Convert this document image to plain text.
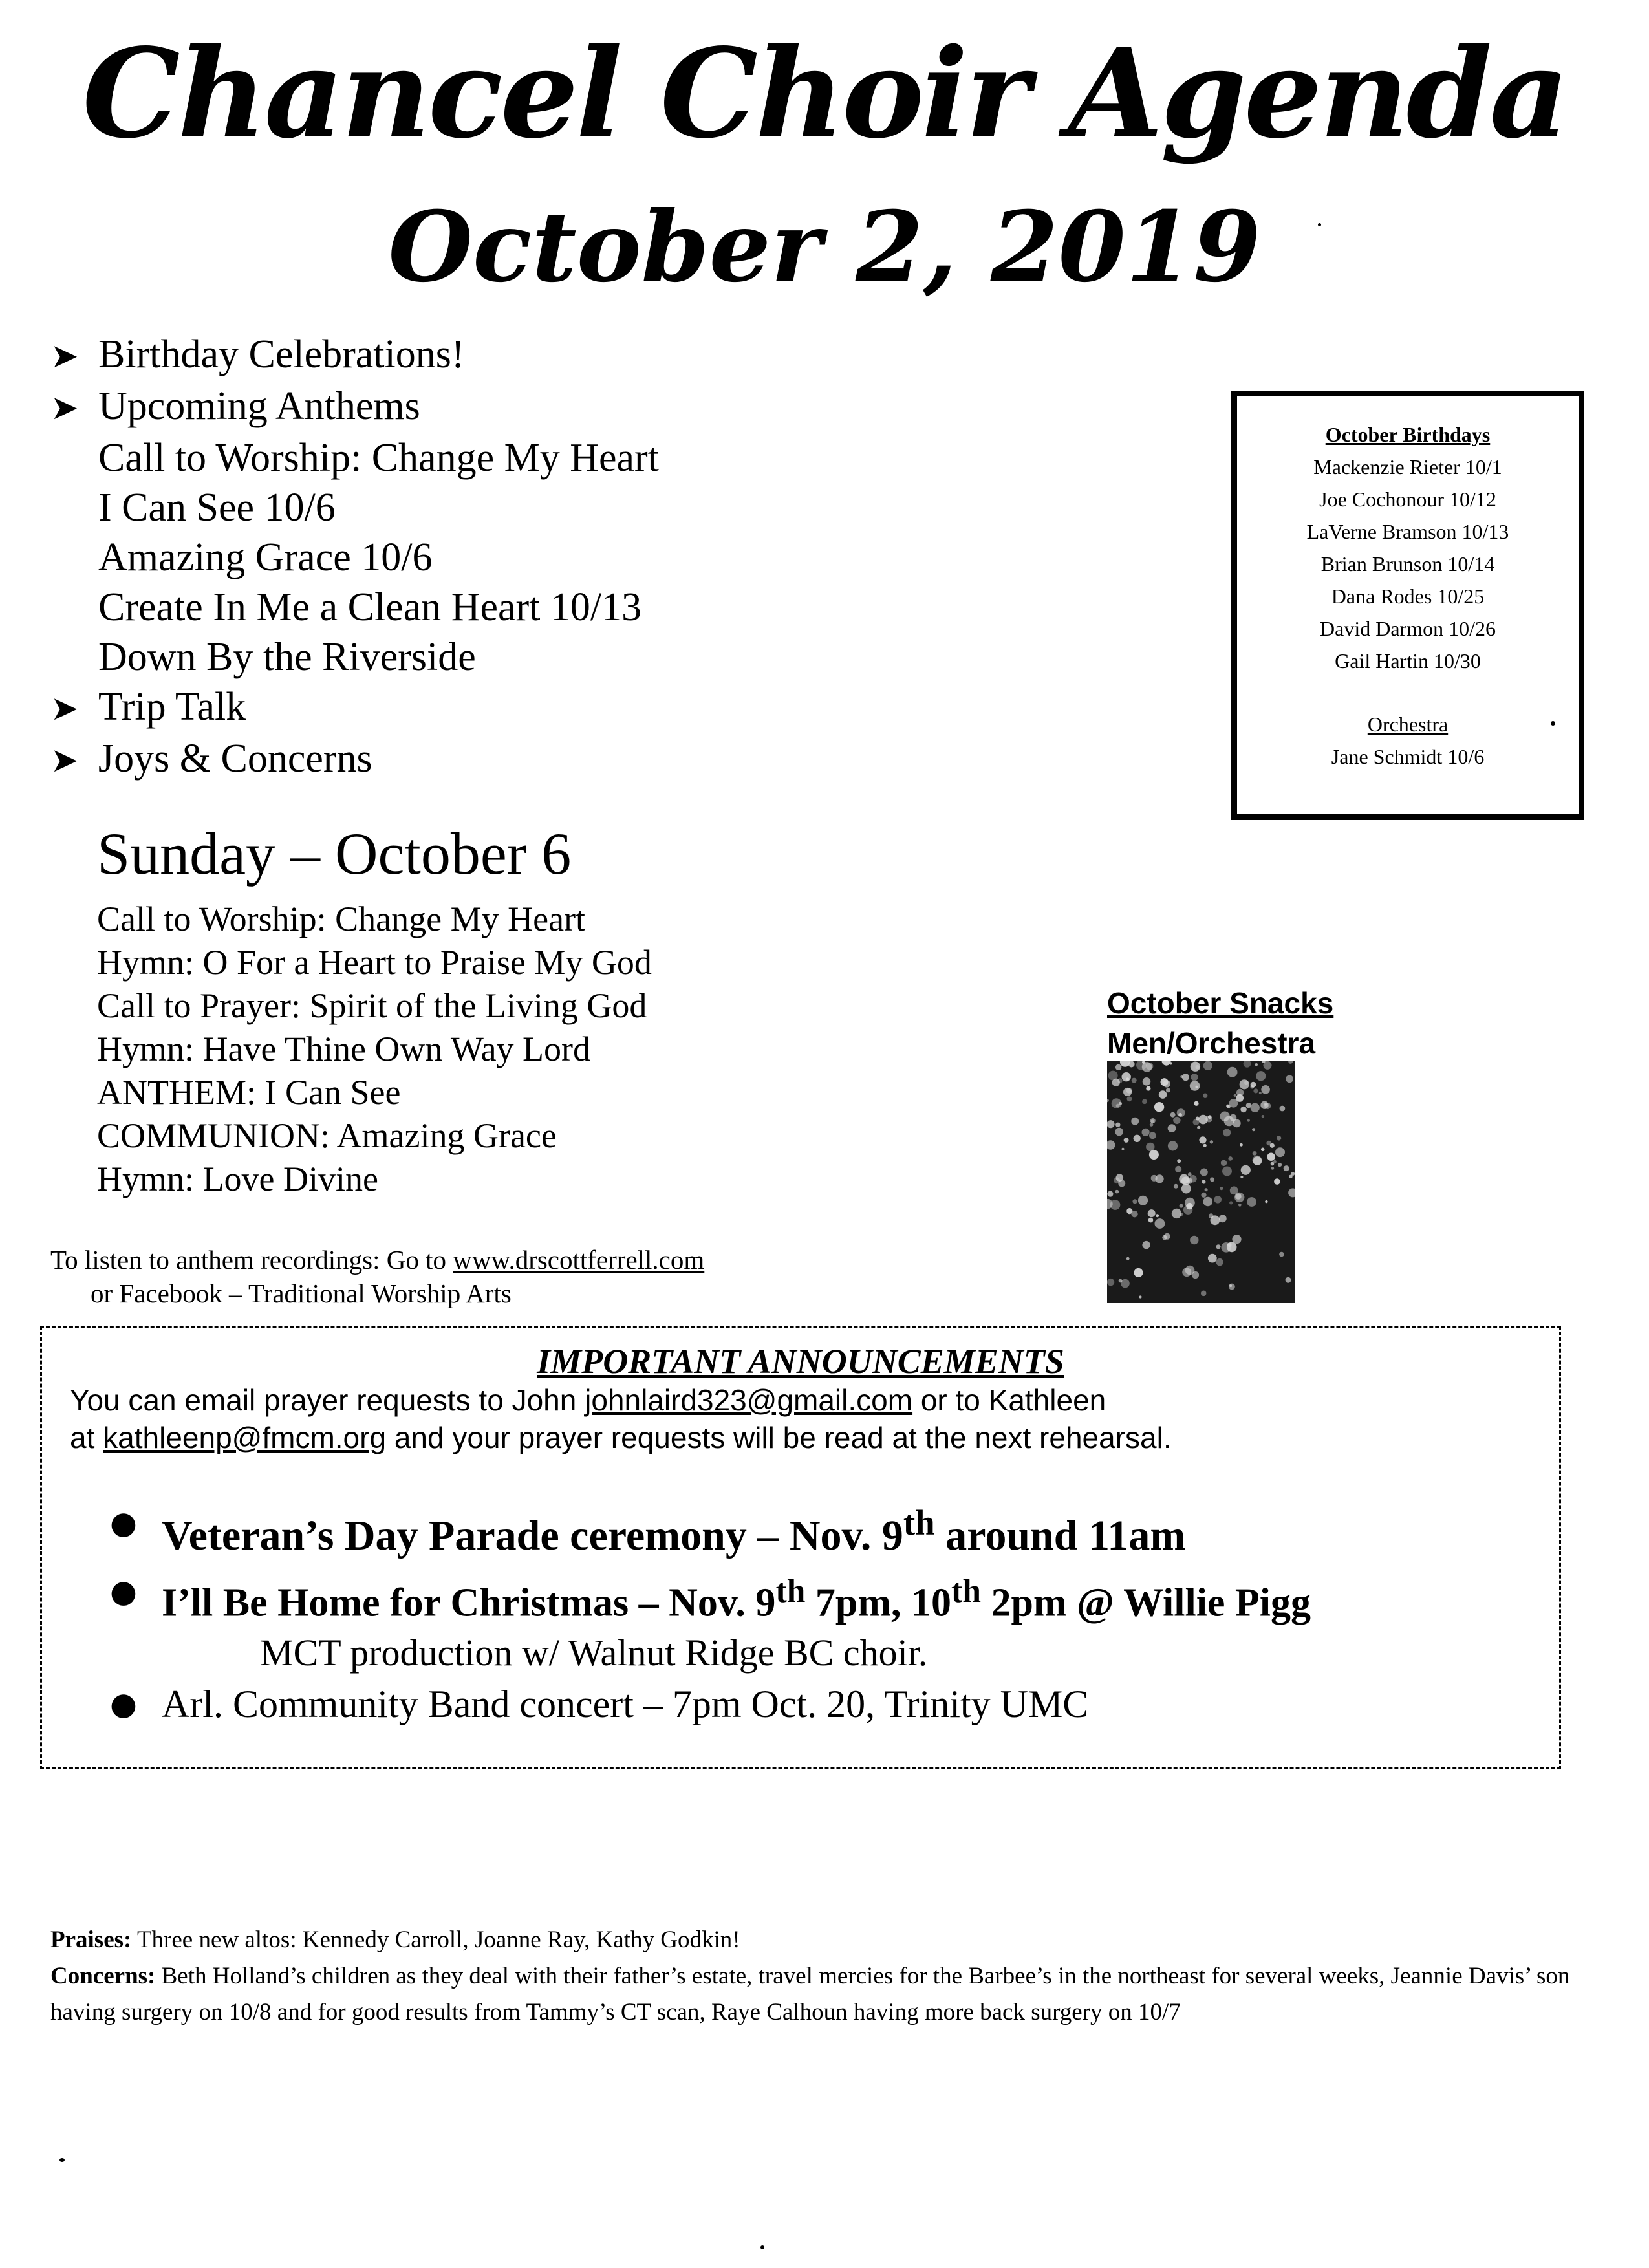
Chancel Choir Agenda
October 2, 2019
➤ Birthday Celebrations!
➤ Upcoming Anthems
Call to Worship: Change My Heart
I Can See 10/6
Amazing Grace 10/6
Create In Me a Clean Heart 10/13
Down By the Riverside
➤ Trip Talk
➤ Joys & Concerns
October Birthdays
Mackenzie Rieter 10/1
Joe Cochonour 10/12
LaVerne Bramson 10/13
Brian Brunson 10/14
Dana Rodes 10/25
David Darmon 10/26
Gail Hartin 10/30
Orchestra
Jane Schmidt 10/6
Sunday – October 6
Call to Worship: Change My Heart
Hymn: O For a Heart to Praise My God
Call to Prayer: Spirit of the Living God
Hymn: Have Thine Own Way Lord
ANTHEM: I Can See
COMMUNION: Amazing Grace
Hymn: Love Divine
October Snacks
Men/Orchestra
To listen to anthem recordings: Go to www.drscottferrell.com
or Facebook – Traditional Worship Arts
IMPORTANT ANNOUNCEMENTS
You can email prayer requests to John johnlaird323@gmail.com or to Kathleen
at kathleenp@fmcm.org and your prayer requests will be read at the next rehearsal.
● Veteran’s Day Parade ceremony – Nov. 9th around 11am
● I’ll Be Home for Christmas – Nov. 9th 7pm, 10th 2pm @ Willie Pigg
MCT production w/ Walnut Ridge BC choir.
● Arl. Community Band concert – 7pm Oct. 20, Trinity UMC
Praises: Three new altos: Kennedy Carroll, Joanne Ray, Kathy Godkin!
Concerns: Beth Holland’s children as they deal with their father’s estate, travel mercies for the Barbee’s in the northeast for several weeks, Jeannie Davis’ son having surgery on 10/8 and for good results from Tammy’s CT scan, Raye Calhoun having more back surgery on 10/7
